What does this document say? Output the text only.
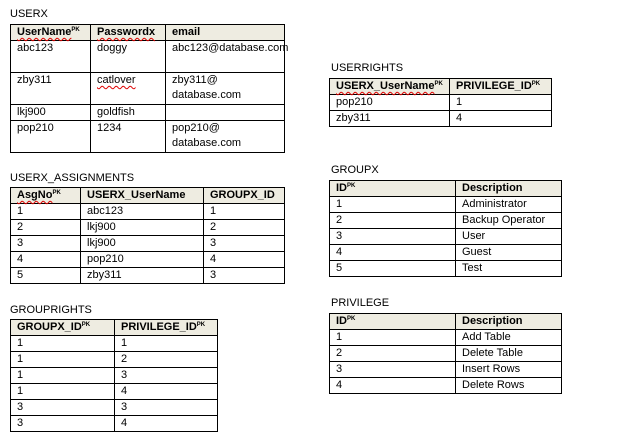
USERX
UserName$^{PK}$	Passwordx	email
abc123	doggy	abc123@database.com
zby311	catlover	zby311@ database.com
lkj900	goldfish	
pop210	1234	pop210@ database.com
USERX_ASSIGNMENTS
AsgNo$^{PK}$	USERX_UserName	GROUPX_ID
1	abc123	1
2	lkj900	2
3	lkj900	3
4	pop210	4
5	zby311	3
GROUPRIGHTS
$GROUPX\_ID^{PK}$	$PRIVILEGE\_ID^{PK}$
1	1
1	2
1	3
1	4
3	3
3	4
USERRIGHTS
USERX_UserName$^{PK}$	$PRIVILEGE\_ID^{PK}$
pop210	1
zby311	4
GROUPX
$ID^{PK}$	Description
1	Administrator
2	Backup Operator
3	User
4	Guest
5	Test
PRIVILEGE
$ID^{PK}$	Description
1	Add Table
2	Delete Table
3	Insert Rows
4	Delete Rows
